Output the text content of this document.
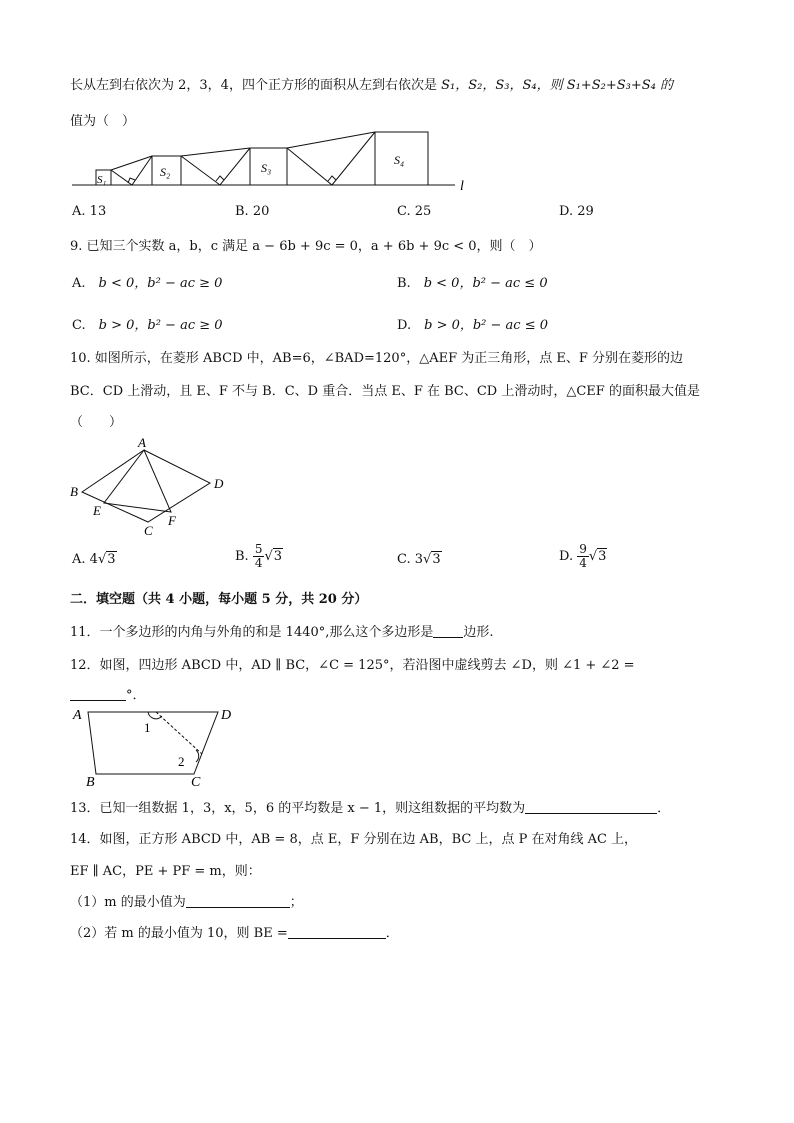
长从左到右依次为 2，3，4，四个正方形的面积从左到右依次是 S₁，S₂，S₃，S₄，则 S₁+S₂+S₃+S₄ 的
值为（　）
S₁
S₂	S₃
S₄
l
A. 13	B. 20	C. 25	D. 29
9. 已知三个实数 a，b，c 满足 a − 6b + 9c = 0，a + 6b + 9c < 0，则（　）
A.　 b < 0，b² − ac ≥ 0	B.　 b < 0，b² − ac ≤ 0
C.　 b > 0，b² − ac ≥ 0	D.　 b > 0，b² − ac ≤ 0
10. 如图所示，在菱形 ABCD 中，AB=6，∠BAD=120°，△AEF 为正三角形，点 E、F 分别在菱形的边
BC．CD 上滑动，且 E、F 不与 B．C、D 重合．当点 E、F 在 BC、CD 上滑动时，△CEF 的面积最大值是
（　　）
A
B
C
D
E
F
A. 4√3	B. $\frac{5}{4} √3$	C. 3√3	D. $\frac{9}{4} √3$
二．填空题（共 4 小题，每小题 5 分，共 20 分）
11．一个多边形的内角与外角的和是 1440°,那么这个多边形是 边形.
12．如图，四边形 ABCD 中，AD ∥ BC，∠C = 125°，若沿图中虚线剪去 ∠D，则 ∠1 + ∠2 =
°．
A	D
B	C
1
2
13．已知一组数据 1，3，x，5，6 的平均数是 x − 1，则这组数据的平均数为	．
14．如图，正方形 ABCD 中，AB = 8，点 E，F 分别在边 AB，BC 上，点 P 在对角线 AC 上，
EF ∥ AC，PE + PF = m，则：
（1）m 的最小值为	；
（2）若 m 的最小值为 10，则 BE =	．
